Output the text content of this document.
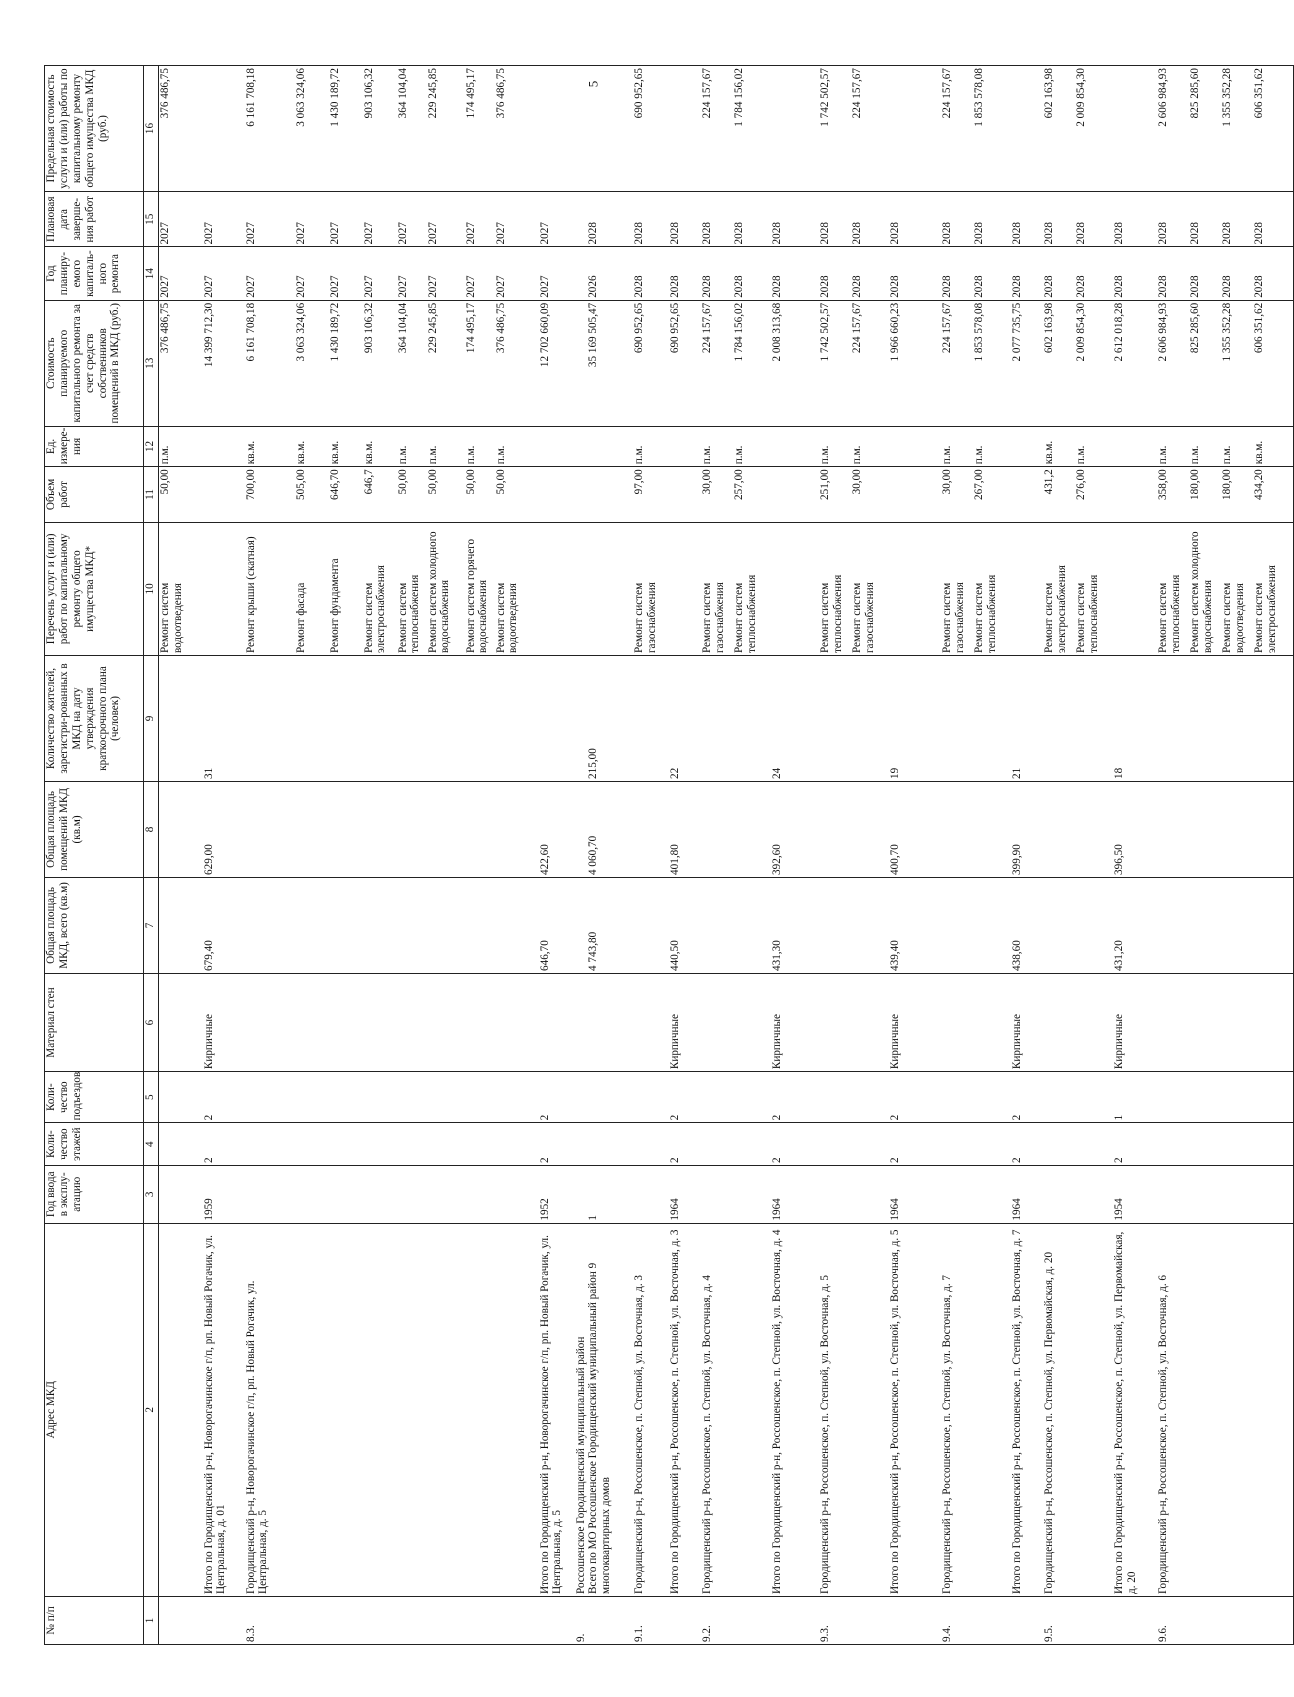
5
№ п/п	Адрес МКД	Год ввода в эксплу-атацию	Коли-чество этажей	Коли-чество подъездов	Материал стен	Общая площадь МКД, всего (кв.м)	Общая площадь помещений МКД (кв.м)	Количество жителей, зарегистри-рованных в МКД на дату утверждения краткосрочного плана (человек)	Перечень услуг и (или) работ по капитальному ремонту общего имущества МКД*	Объем работ	Ед. измере-ния	Стоимость планируемого капитального ремонта за счет средств собственников помещений в МКД (руб.)	Год планиру-емого капиталь-ного ремонта	Плановая дата заверше-ния работ	Предельная стоимость услуги и (или) работы по капитальному ремонту общего имущества МКД (руб.)
1	2	3	4	5	6	7	8	9	10	11	12	13	14	15	16
									Ремонт систем водоотведения	50,00	п.м.	376 486,75	2027	2027	376 486,75
	Итого по Городищенский р-н, Новорогачинское г/п, рп. Новый Рогачик, ул. Центральная, д. 01	1959	2	2	Кирпичные	679,40	629,00	31				14 399 712,30	2027	2027	
8.3.	Городищенский р-н, Новорогачинское г/п, рп. Новый Рогачик, ул. Центральная, д. 5								Ремонт крыши (скатная)	700,00	кв.м.	6 161 708,18	2027	2027	6 161 708,18
									Ремонт фасада	505,00	кв.м.	3 063 324,06	2027	2027	3 063 324,06
									Ремонт фундамента	646,70	кв.м.	1 430 189,72	2027	2027	1 430 189,72
									Ремонт систем электроснабжения	646,7	кв.м.	903 106,32	2027	2027	903 106,32
									Ремонт систем теплоснабжения	50,00	п.м.	364 104,04	2027	2027	364 104,04
									Ремонт систем холодного водоснабжения	50,00	п.м.	229 245,85	2027	2027	229 245,85
									Ремонт систем горячего водоснабжения	50,00	п.м.	174 495,17	2027	2027	174 495,17
									Ремонт систем водоотведения	50,00	п.м.	376 486,75	2027	2027	376 486,75
	Итого по Городищенский р-н, Новорогачинское г/п, рп. Новый Рогачик, ул. Центральная, д. 5	1952	2	2		646,70	422,60					12 702 660,09	2027	2027	
9.	Россошенское Городищенский муниципальный район														
	Всего по МО Россошенское Городищенский муниципальный район 9 многоквартирных домов	1				4 743,80	4 060,70	215,00				35 169 505,47	2026	2028	
9.1.	Городищенский р-н, Россошенское, п. Степной, ул. Восточная, д. 3								Ремонт систем газоснабжения	97,00	п.м.	690 952,65	2028	2028	690 952,65
	Итого по Городищенский р-н, Россошенское, п. Степной, ул. Восточная, д. 3	1964	2	2	Кирпичные	440,50	401,80	22				690 952,65	2028	2028	
9.2.	Городищенский р-н, Россошенское, п. Степной, ул. Восточная, д. 4								Ремонт систем газоснабжения	30,00	п.м.	224 157,67	2028	2028	224 157,67
									Ремонт систем теплоснабжения	257,00	п.м.	1 784 156,02	2028	2028	1 784 156,02
	Итого по Городищенский р-н, Россошенское, п. Степной, ул. Восточная, д. 4	1964	2	2	Кирпичные	431,30	392,60	24				2 008 313,68	2028	2028	
9.3.	Городищенский р-н, Россошенское, п. Степной, ул. Восточная, д. 5								Ремонт систем теплоснабжения	251,00	п.м.	1 742 502,57	2028	2028	1 742 502,57
									Ремонт систем газоснабжения	30,00	п.м.	224 157,67	2028	2028	224 157,67
	Итого по Городищенский р-н, Россошенское, п. Степной, ул. Восточная, д. 5	1964	2	2	Кирпичные	439,40	400,70	19				1 966 660,23	2028	2028	
9.4.	Городищенский р-н, Россошенское, п. Степной, ул. Восточная, д. 7								Ремонт систем газоснабжения	30,00	п.м.	224 157,67	2028	2028	224 157,67
									Ремонт систем теплоснабжения	267,00	п.м.	1 853 578,08	2028	2028	1 853 578,08
	Итого по Городищенский р-н, Россошенское, п. Степной, ул. Восточная, д. 7	1964	2	2	Кирпичные	438,60	399,90	21				2 077 735,75	2028	2028	
9.5.	Городищенский р-н, Россошенское, п. Степной, ул. Первомайская, д. 20								Ремонт систем электроснабжения	431,2	кв.м.	602 163,98	2028	2028	602 163,98
									Ремонт систем теплоснабжения	276,00	п.м.	2 009 854,30	2028	2028	2 009 854,30
	Итого по Городищенский р-н, Россошенское, п. Степной, ул. Первомайская, д. 20	1954	2	1	Кирпичные	431,20	396,50	18				2 612 018,28	2028	2028	
9.6.	Городищенский р-н, Россошенское, п. Степной, ул. Восточная, д. 6								Ремонт систем теплоснабжения	358,00	п.м.	2 606 984,93	2028	2028	2 606 984,93
									Ремонт систем холодного водоснабжения	180,00	п.м.	825 285,60	2028	2028	825 285,60
									Ремонт систем водоотведения	180,00	п.м.	1 355 352,28	2028	2028	1 355 352,28
									Ремонт систем электроснабжения	434,20	кв.м.	606 351,62	2028	2028	606 351,62
